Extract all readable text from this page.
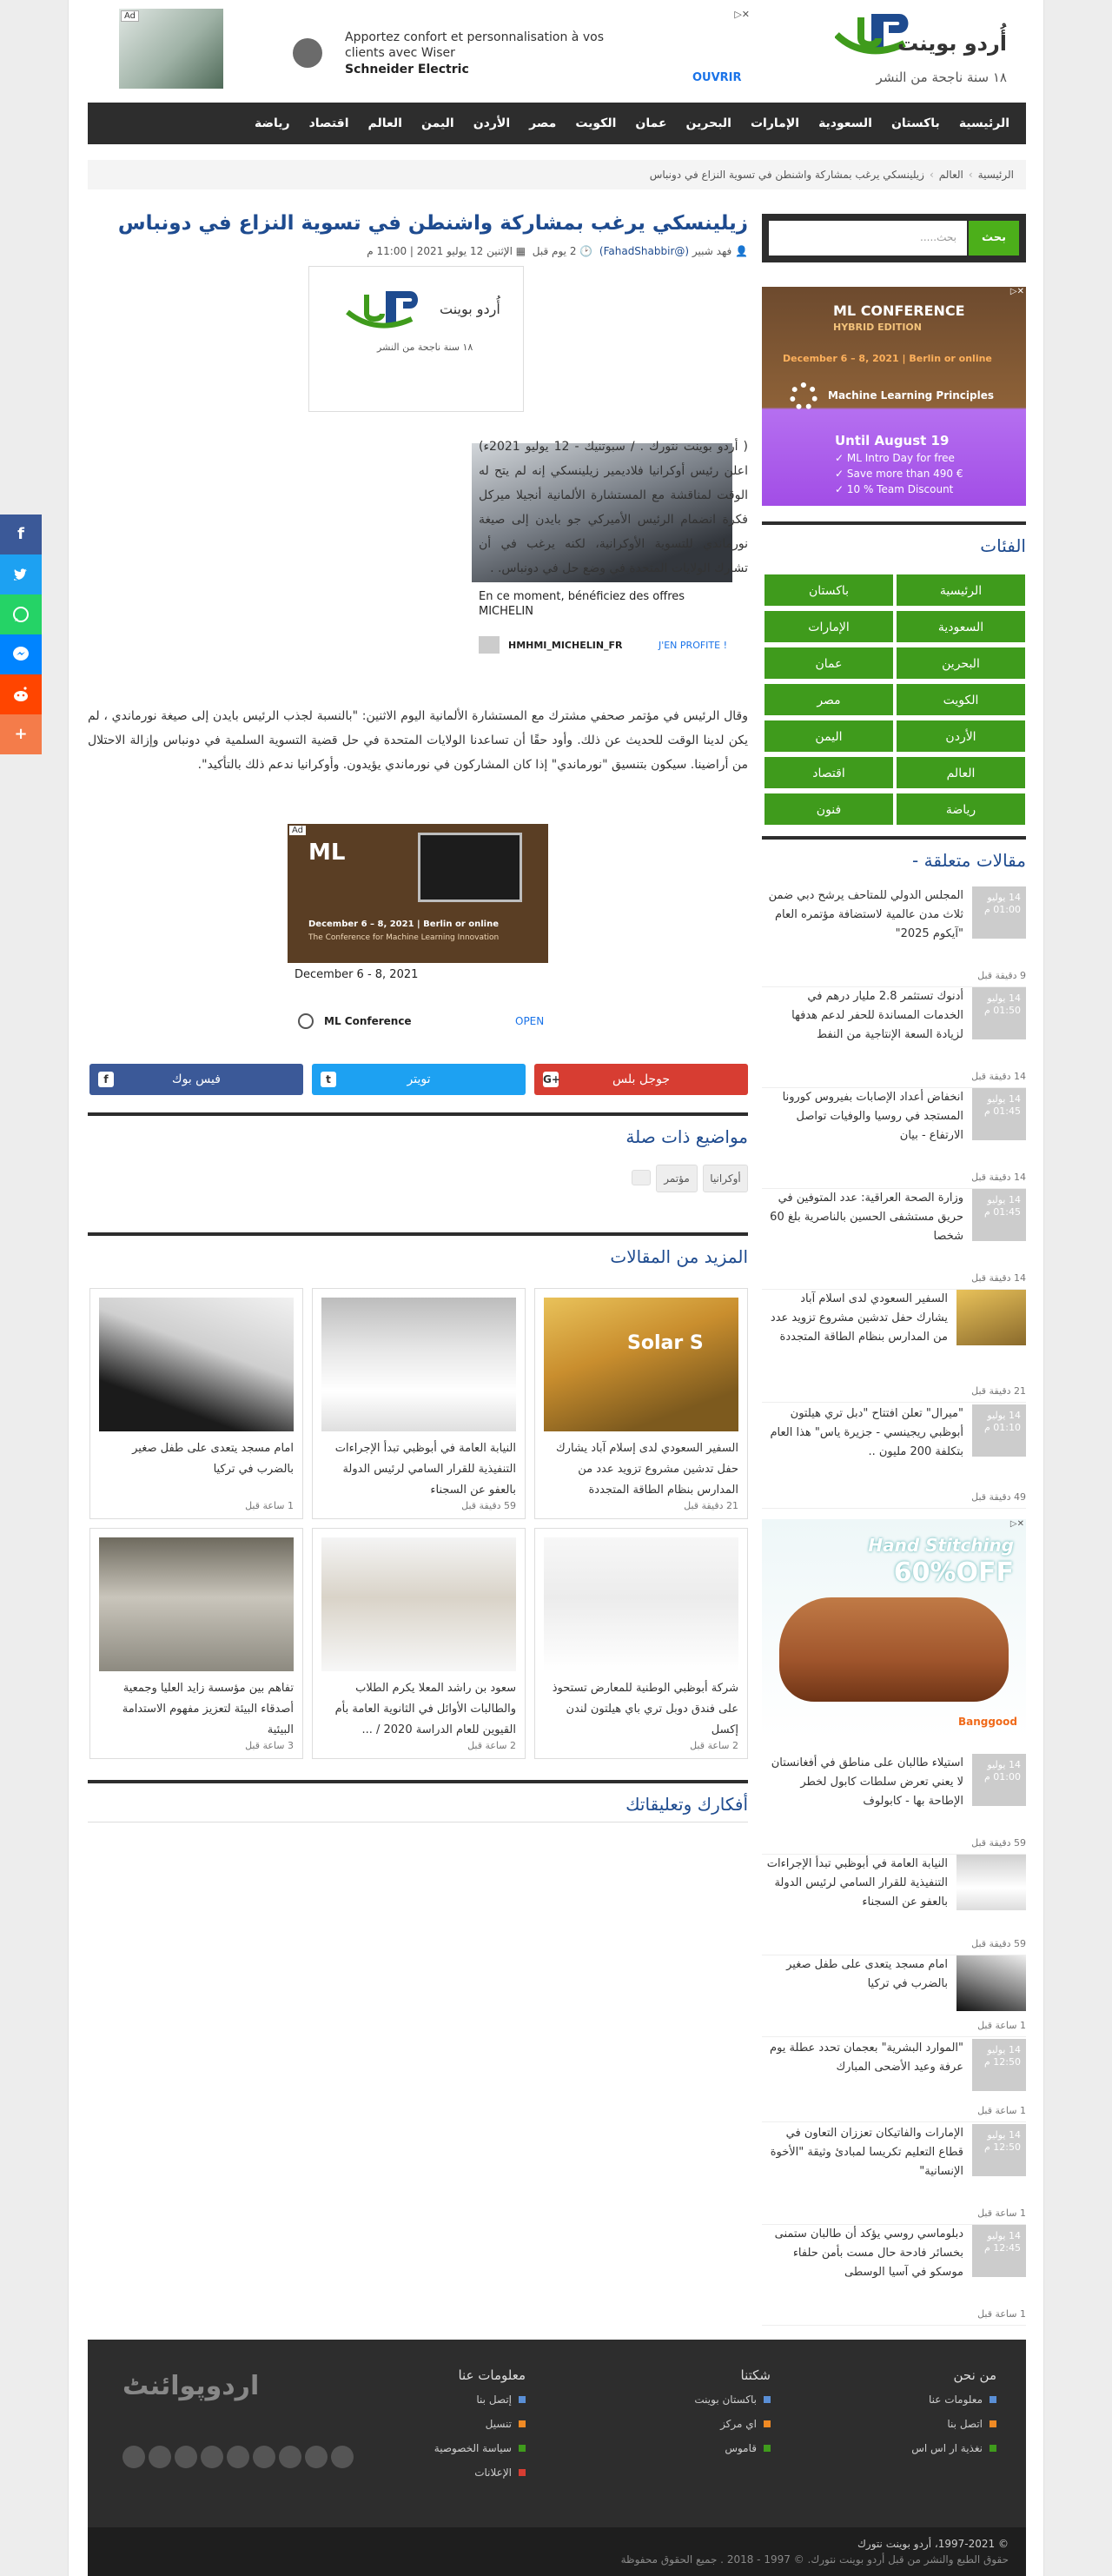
f
+
أُردو بوينت
١٨ سنة ناجحة من النشر
Ad
Apportez confort et personnalisation à vos clients avec Wiser
Schneider Electric
OUVRIR
▷✕
الرئيسية
باكستان
السعودية
الإمارات
البحرين
عمان
الكويت
مصر
الأردن
اليمن
العالم
اقتصاد
رياضة
الرئيسية›العالم›زيلينسكي يرغب بمشاركة واشنطن في تسوية النزاع في دونباس
زيلينسكي يرغب بمشاركة واشنطن في تسوية النزاع في دونباس
👤 فهد شبير (@FahadShabbir)  🕑 2 يوم قبل  ▦ الإثنين 12 يوليو 2021 | 11:00 م
أُردو بوينت
١٨ سنة ناجحة من النشر
En ce moment, bénéficiez des offres MICHELIN
HMHMI_MICHELIN_FR	J'EN PROFITE !

( أردو بوينت نتورك . / سبوتنيك - 12 يوليو 2021ء) اعلن رئيس أوكرانيا فلاديمير زيلينسكي إنه لم يتح له الوقت لمناقشة مع المستشارة الألمانية أنجيلا ميركل فكرة انضمام الرئيس الأميركي جو بايدن إلى صيغة نورماندي للتسوية الأوكرانية، لكنه يرغب في أن تشارك الولايات المتحدة في وضع حل في دونباس. .

وقال الرئيس في مؤتمر صحفي مشترك مع المستشارة الألمانية اليوم الاثنين: "بالنسبة لجذب الرئيس بايدن إلى صيغة نورماندي ، لم يكن لدينا الوقت للحديث عن ذلك. وأود حقًا أن تساعدنا الولايات المتحدة في حل قضية التسوية السلمية في دونباس وإزالة الاحتلال من أراضينا. سيكون بتنسيق "نورماندي" إذا كان المشاركون في نورماندي يؤيدون. وأوكرانيا ندعم ذلك بالتأكيد".

Ad
ML
December 6 – 8, 2021 | Berlin or online
The Conference for Machine Learning Innovation
December 6 - 8, 2021
ML Conference	OPEN
G+	جوجل بلس
t	تويتر
f	فيس بوك
مواضيع ذات صلة
أوكرانيا
مؤتمر
المزيد من المقالات
Solar S
السفير السعودي لدى إسلام آباد يشارك حفل تدشين مشروع تزويد عدد من المدارس بنظام الطاقة المتجددة
21 دقيقة قبل
النيابة العامة في أبوظبي تبدأ الإجراءات التنفيذية للقرار السامي لرئيس الدولة بالعفو عن السجناء
59 دقيقة قبل
امام مسجد يتعدى على طفل صغير بالضرب في تركيا
1 ساعة قبل
شركة أبوظبي الوطنية للمعارض تستحوذ على فندق دوبل تري باي هيلتون لندن إكسل
2 ساعة قبل
سعود بن راشد المعلا يكرم الطلاب والطالبات الأوائل في الثانوية العامة بأم القيوين للعام الدراسة 2020 / ...
2 ساعة قبل
تفاهم بين مؤسسة زايد العليا وجمعية أصدقاء البيئة لتعزيز مفهوم الاستدامة البيئية
3 ساعة قبل
أفكارك وتعليقاتك
بحث.....	بحث
▷✕
ML CONFERENCE
HYBRID EDITION
December 6 – 8, 2021 | Berlin or online
Machine Learning Principles
Until August 19
✓ ML Intro Day for free
✓ Save more than 490 €
✓ 10 % Team Discount
الفئات
الرئيسية
باكستان
السعودية
الإمارات
البحرين
عمان
الكويت
مصر
الأردن
اليمن
العالم
اقتصاد
رياضة
فنون
مقالات متعلقة -
14 يوليو
01:00 م
المجلس الدولي للمتاحف يرشح دبي ضمن ثلاث مدن عالمية لاستضافة مؤتمره العام "آيكوم 2025"
9 دقيقة قبل
14 يوليو
01:50 م
أدنوك تستثمر 2.8 مليار درهم في الخدمات المساندة للحفر لدعم هدفها لزيادة السعة الإنتاجية من النفط
14 دقيقة قبل
14 يوليو
01:45 م
انخفاض أعداد الإصابات بفيروس كورونا المستجد في روسيا والوفيات تواصل الارتفاع - بيان
14 دقيقة قبل
14 يوليو
01:45 م
وزارة الصحة العراقية: عدد المتوفين في حريق مستشفى الحسين بالناصرية بلغ 60 شخصا
14 دقيقة قبل
السفير السعودي لدى اسلام آباد يشارك حفل تدشين مشروع تزويد عدد من المدارس بنظام الطاقة المتجددة
21 دقيقة قبل
14 يوليو
01:10 م
"ميرال" تعلن افتتاح "دبل تري هيلتون أبوظبي ريجينسي - جزيرة ياس" هذا العام بتكلفة 200 مليون ..
49 دقيقة قبل
▷✕
Hand Stitching
60%OFF
Banggood
14 يوليو
01:00 م
استيلاء طالبان على مناطق في أفغانستان لا يعني تعرض سلطات كابول لخطر الإطاحة بها - كابولوف
59 دقيقة قبل
النيابة العامة في أبوظبي تبدأ الإجراءات التنفيذية للقرار السامي لرئيس الدولة بالعفو عن السجناء
59 دقيقة قبل
امام مسجد يتعدى على طفل صغير بالضرب في تركيا
1 ساعة قبل
14 يوليو
12:50 م
"الموارد البشرية" بعجمان تحدد عطلة يوم عرفة وعيد الأضحى المبارك
1 ساعة قبل
14 يوليو
12:50 م
الإمارات والفاتيكان تعززان التعاون في قطاع التعليم تكريسا لمبادئ وثيقة "الأخوة الإنسانية"
1 ساعة قبل
14 يوليو
12:45 م
دبلوماسي روسي يؤكد أن طالبان ستمنى بخسائر فادحة حال مست بأمن حلفاء موسكو في آسيا الوسطى
1 ساعة قبل
اردوپوائنٹ	من نحن
معلومات عنا
اتصل بنا
نغذية ار اس اس
شكتنا
باكستان بوينت
اي مركز
قاموس
معلومات عنا
إتصل بنا
تنسيل
سياسة الخصوصية
الإعلانات
© 1997-2021، أردو بوينت نتورك
حقوق الطبع والنشر من قبل أردو بوينت نتورك. © 1997 - 2018 . جميع الحقوق محفوظة
